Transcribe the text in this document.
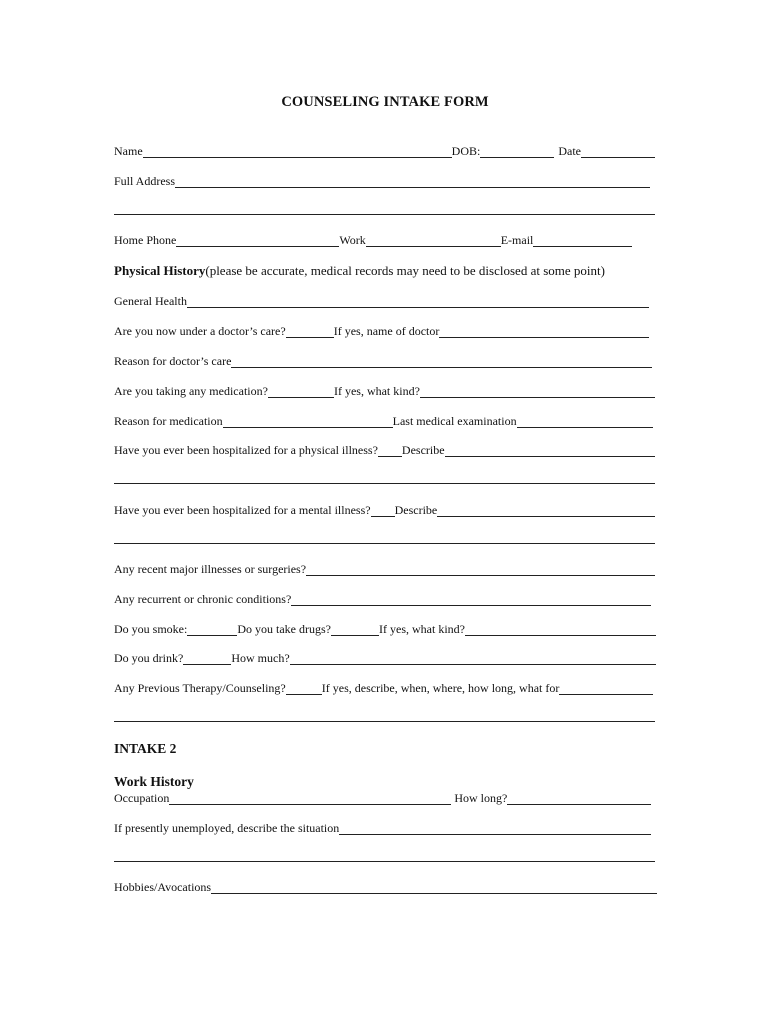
COUNSELING INTAKE FORM
Name	DOB:	Date
Full Address
Home Phone	Work	E-mail
Physical History(please be accurate, medical records may need to be disclosed at some point)
General Health
Are you now under a doctor’s care?	If yes, name of doctor
Reason for doctor’s care
Are you taking any medication?	If yes, what kind?
Reason for medication	Last medical examination
Have you ever been hospitalized for a physical illness? Describe
Have you ever been hospitalized for a mental illness? Describe
Any recent major illnesses or surgeries?
Any recurrent or chronic conditions?
Do you smoke:	Do you take drugs?	If yes, what kind?
Do you drink?	How much?
Any Previous Therapy/Counseling?	If yes, describe, when, where, how long, what for
INTAKE 2
Work History
Occupation	How long?
If presently unemployed, describe the situation
Hobbies/Avocations
